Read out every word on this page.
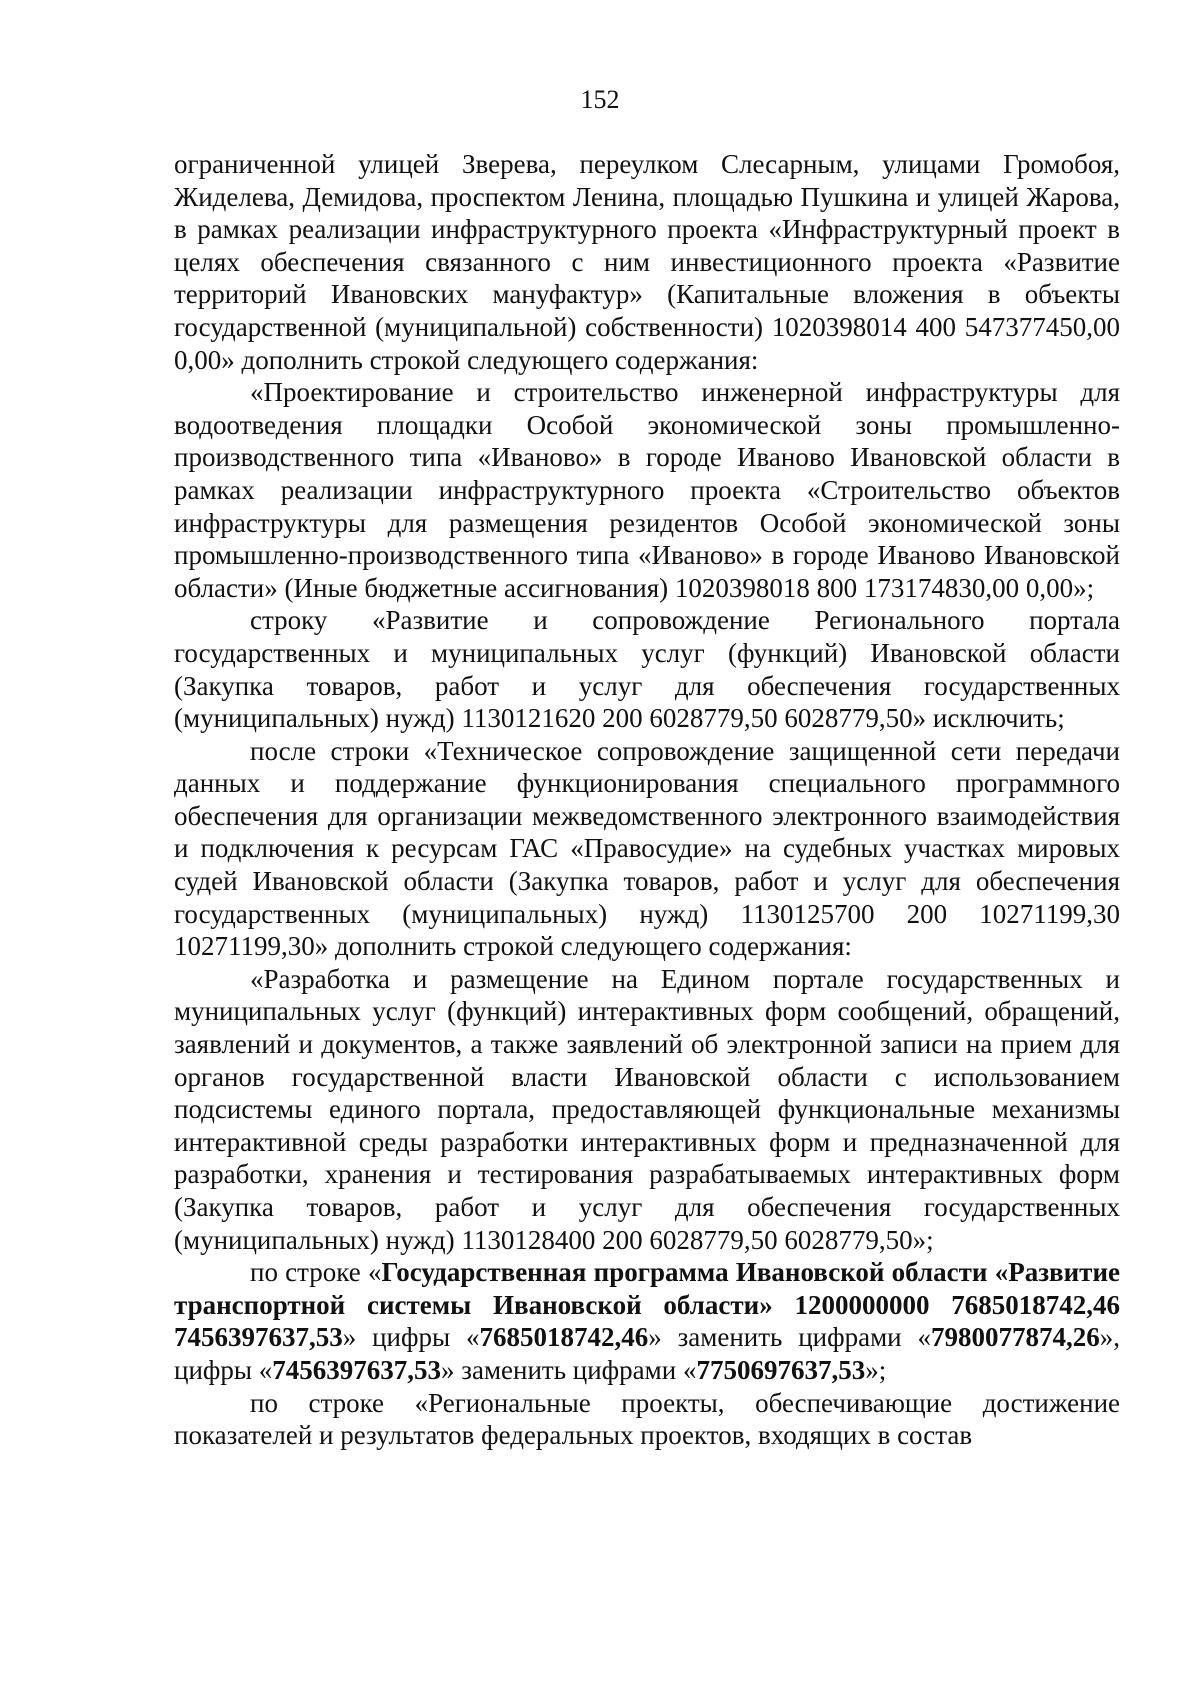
152

ограниченной улицей Зверева, переулком Слесарным, улицами Громобоя, Жиделева, Демидова, проспектом Ленина, площадью Пушкина и улицей Жарова, в рамках реализации инфраструктурного проекта «Инфраструктурный проект в целях обеспечения связанного с ним инвестиционного проекта «Развитие территорий Ивановских мануфактур» (Капитальные вложения в объекты государственной (муниципальной) собственности) 1020398014 400 547377450,00 0,00» дополнить строкой следующего содержания:

«Проектирование и строительство инженерной инфраструктуры для водоотведения площадки Особой экономической зоны промышленно-производственного типа «Иваново» в городе Иваново Ивановской области в рамках реализации инфраструктурного проекта «Строительство объектов инфраструктуры для размещения резидентов Особой экономической зоны промышленно-производственного типа «Иваново» в городе Иваново Ивановской области» (Иные бюджетные ассигнования) 1020398018 800 173174830,00 0,00»;

строку «Развитие и сопровождение Регионального портала государственных и муниципальных услуг (функций) Ивановской области (Закупка товаров, работ и услуг для обеспечения государственных (муниципальных) нужд) 1130121620 200 6028779,50 6028779,50» исключить;

после строки «Техническое сопровождение защищенной сети передачи данных и поддержание функционирования специального программного обеспечения для организации межведомственного электронного взаимодействия и подключения к ресурсам ГАС «Правосудие» на судебных участках мировых судей Ивановской области (Закупка товаров, работ и услуг для обеспечения государственных (муниципальных) нужд) 1130125700 200 10271199,30 10271199,30» дополнить строкой следующего содержания:

«Разработка и размещение на Едином портале государственных и муниципальных услуг (функций) интерактивных форм сообщений, обращений, заявлений и документов, а также заявлений об электронной записи на прием для органов государственной власти Ивановской области с использованием подсистемы единого портала, предоставляющей функциональные механизмы интерактивной среды разработки интерактивных форм и предназначенной для разработки, хранения и тестирования разрабатываемых интерактивных форм (Закупка товаров, работ и услуг для обеспечения государственных (муниципальных) нужд) 1130128400 200 6028779,50 6028779,50»;

по строке «Государственная программа Ивановской области «Развитие транспортной системы Ивановской области» 1200000000 7685018742,46 7456397637,53» цифры «7685018742,46» заменить цифрами «7980077874,26», цифры «7456397637,53» заменить цифрами «7750697637,53»;

по строке «Региональные проекты, обеспечивающие достижение показателей и результатов федеральных проектов, входящих в состав
